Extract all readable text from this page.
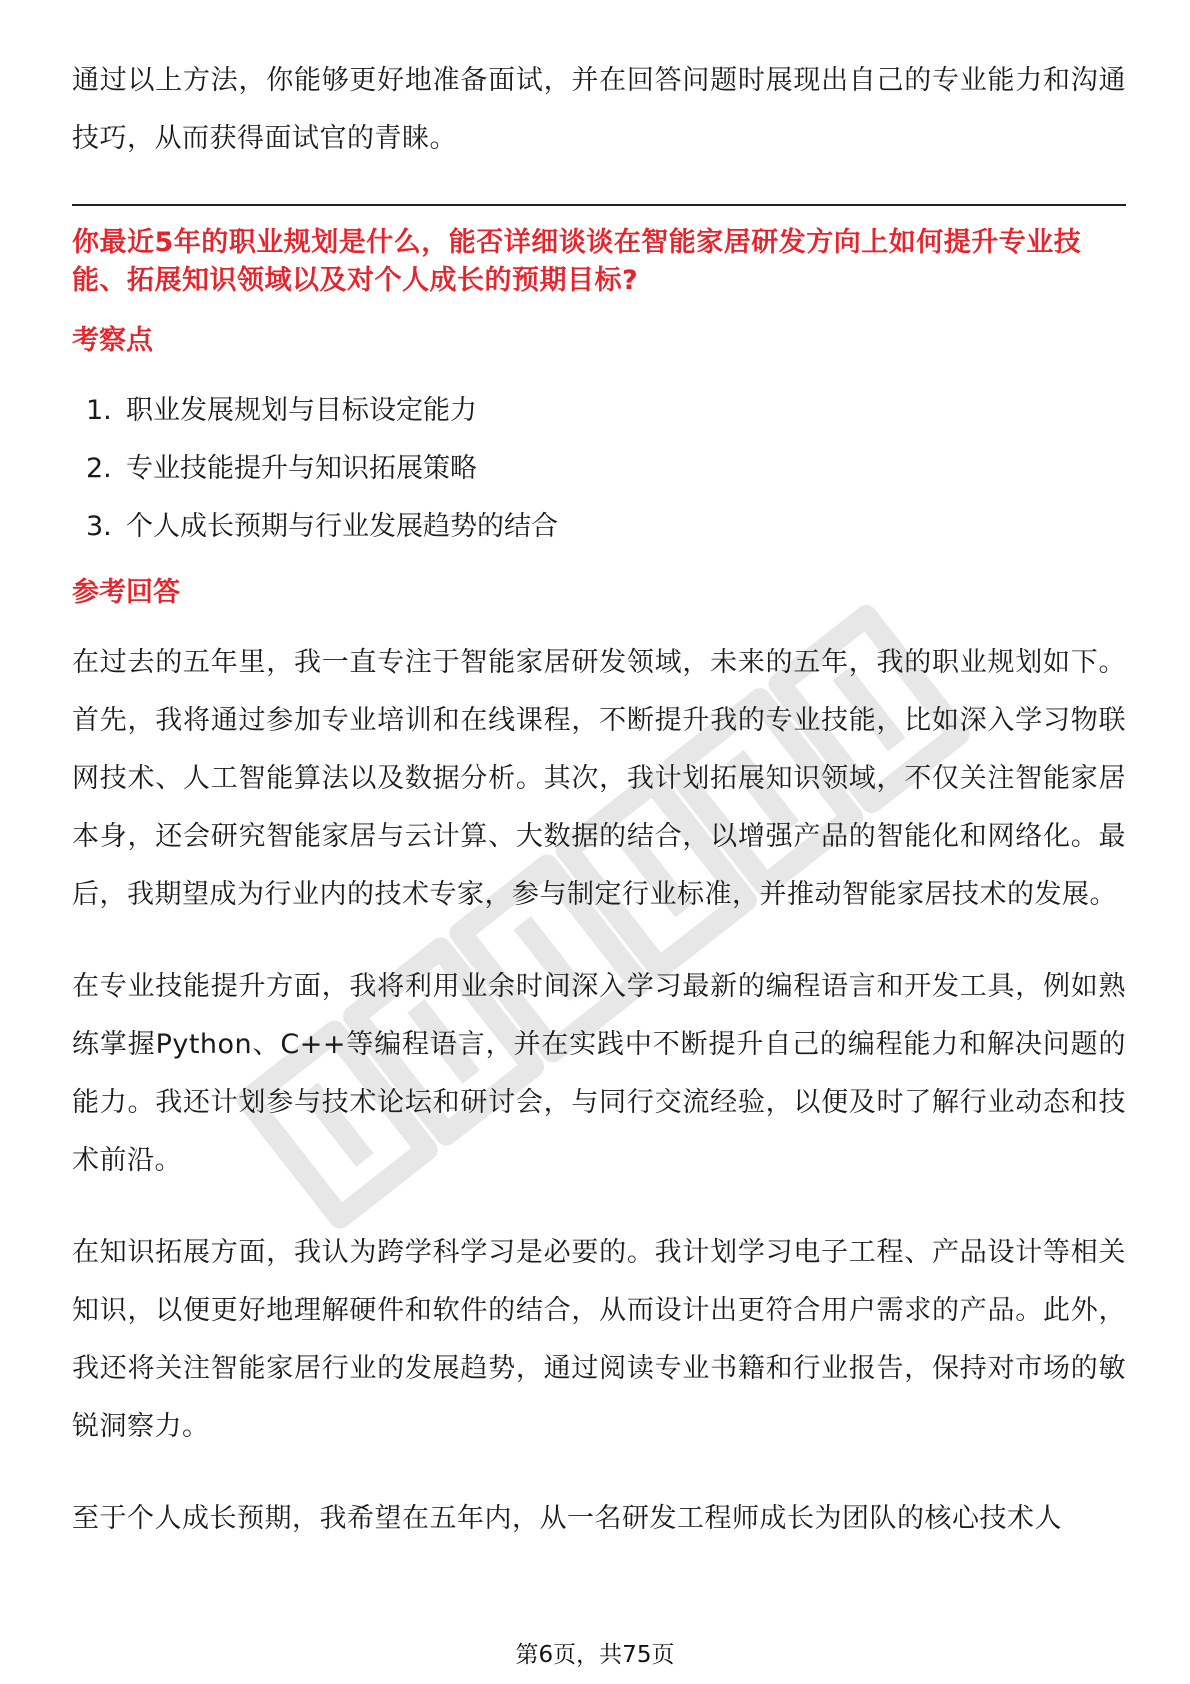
通过以上方法，你能够更好地准备面试，并在回答问题时展现出自己的专业能力和沟通技巧，从而获得面试官的青睐。

你最近5年的职业规划是什么，能否详细谈谈在智能家居研发方向上如何提升专业技能、拓展知识领域以及对个人成长的预期目标?

考察点
1. 职业发展规划与目标设定能力
2. 专业技能提升与知识拓展策略
3. 个人成长预期与行业发展趋势的结合
参考回答

在过去的五年里，我一直专注于智能家居研发领域，未来的五年，我的职业规划如下。首先，我将通过参加专业培训和在线课程，不断提升我的专业技能，比如深入学习物联网技术、人工智能算法以及数据分析。其次，我计划拓展知识领域，不仅关注智能家居本身，还会研究智能家居与云计算、大数据的结合，以增强产品的智能化和网络化。最后，我期望成为行业内的技术专家，参与制定行业标准，并推动智能家居技术的发展。

在专业技能提升方面，我将利用业余时间深入学习最新的编程语言和开发工具，例如熟练掌握Python、C++等编程语言，并在实践中不断提升自己的编程能力和解决问题的能力。我还计划参与技术论坛和研讨会，与同行交流经验，以便及时了解行业动态和技术前沿。

在知识拓展方面，我认为跨学科学习是必要的。我计划学习电子工程、产品设计等相关知识，以便更好地理解硬件和软件的结合，从而设计出更符合用户需求的产品。此外，我还将关注智能家居行业的发展趋势，通过阅读专业书籍和行业报告，保持对市场的敏锐洞察力。

至于个人成长预期，我希望在五年内，从一名研发工程师成长为团队的核心技术人

第6页，共75页
